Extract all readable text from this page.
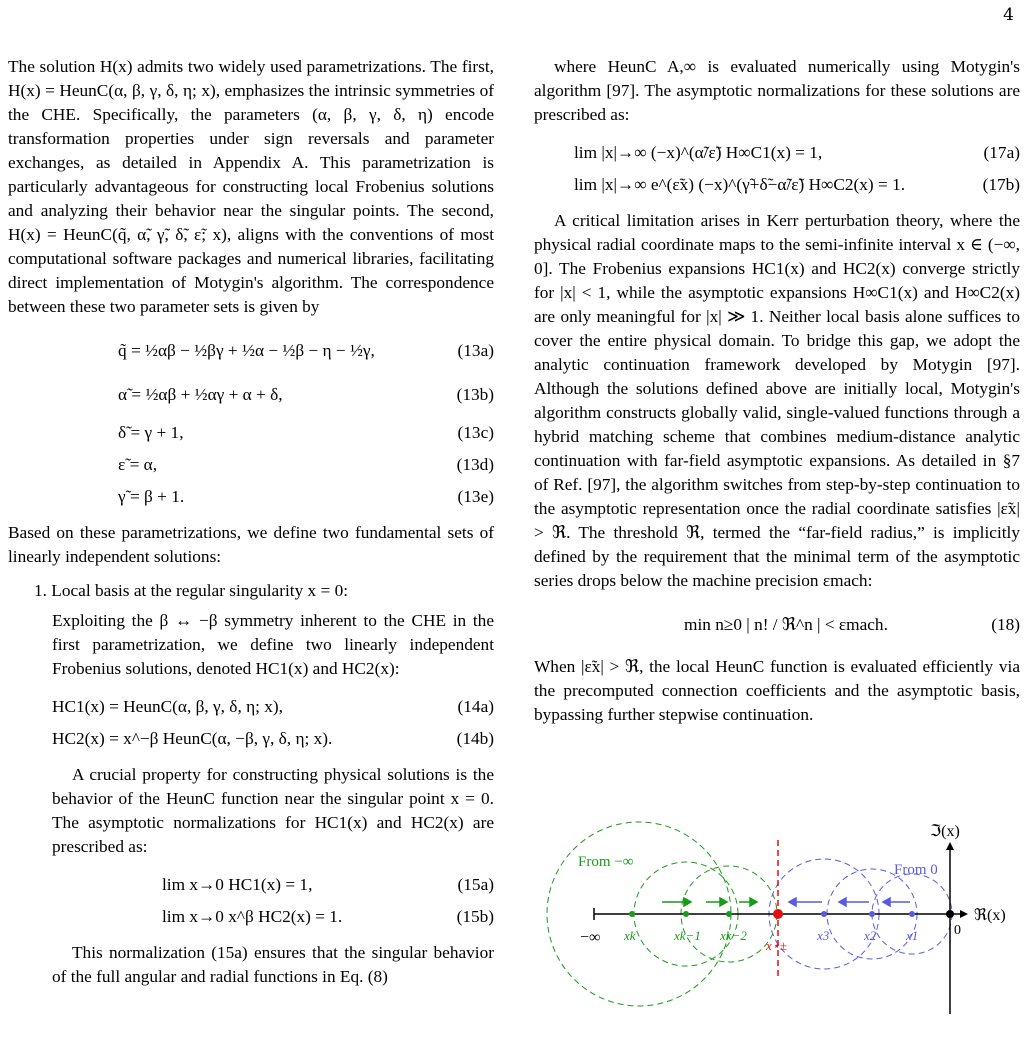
4

The solution H(x) admits two widely used parametrizations. The first, H(x) = HeunC(α, β, γ, δ, η; x), emphasizes the intrinsic symmetries of the CHE. Specifically, the parameters (α, β, γ, δ, η) encode transformation properties under sign reversals and parameter exchanges, as detailed in Appendix A. This parametrization is particularly advantageous for constructing local Frobenius solutions and analyzing their behavior near the singular points. The second, H(x) = HeunC(q̃, α̃, γ̃, δ̃, ε̃; x), aligns with the conventions of most computational software packages and numerical libraries, facilitating direct implementation of Motygin's algorithm. The correspondence between these two parameter sets is given by

q̃ = ½αβ − ½βγ + ½α − ½β − η − ½γ,	(13a)
α̃ = ½αβ + ½αγ + α + δ,	(13b)
δ̃ = γ + 1,	(13c)
ε̃ = α,	(13d)
γ̃ = β + 1.	(13e)

Based on these parametrizations, we define two fundamental sets of linearly independent solutions:

1. Local basis at the regular singularity x = 0:

Exploiting the β ↔ −β symmetry inherent to the CHE in the first parametrization, we define two linearly independent Frobenius solutions, denoted HC1(x) and HC2(x):

HC1(x) = HeunC(α, β, γ, δ, η; x),	(14a)
HC2(x) = x^−β HeunC(α, −β, γ, δ, η; x).	(14b)

A crucial property for constructing physical solutions is the behavior of the HeunC function near the singular point x = 0. The asymptotic normalizations for HC1(x) and HC2(x) are prescribed as:

lim x→0 HC1(x) = 1,	(15a)
lim x→0 x^β HC2(x) = 1.	(15b)

This normalization (15a) ensures that the singular behavior of the full angular and radial functions in Eq. (8)

where HeunC A,∞ is evaluated numerically using Motygin's algorithm [97]. The asymptotic normalizations for these solutions are prescribed as:

lim |x|→∞ (−x)^(α̃/ε̃) H∞C1(x) = 1,	(17a)
lim |x|→∞ e^(ε̃x) (−x)^(γ̃+δ̃−α̃/ε̃) H∞C2(x) = 1.	(17b)

A critical limitation arises in Kerr perturbation theory, where the physical radial coordinate maps to the semi-infinite interval x ∈ (−∞, 0]. The Frobenius expansions HC1(x) and HC2(x) converge strictly for |x| < 1, while the asymptotic expansions H∞C1(x) and H∞C2(x) are only meaningful for |x| ≫ 1. Neither local basis alone suffices to cover the entire physical domain. To bridge this gap, we adopt the analytic continuation framework developed by Motygin [97]. Although the solutions defined above are initially local, Motygin's algorithm constructs globally valid, single-valued functions through a hybrid matching scheme that combines medium-distance analytic continuation with far-field asymptotic expansions. As detailed in §7 of Ref. [97], the algorithm switches from step-by-step continuation to the asymptotic representation once the radial coordinate satisfies |ε̃x| > ℜ. The threshold ℜ, termed the “far-field radius,” is implicitly defined by the requirement that the minimal term of the asymptotic series drops below the machine precision εmach:

min n≥0 | n! / ℜ^n | < εmach.	(18)

When |ε̃x| > ℜ, the local HeunC function is evaluated efficiently via the precomputed connection coefficients and the asymptotic basis, bypassing further stepwise continuation.

ℑ(x)
ℜ(x)
−∞	0
From −∞	From 0
xk	xk−1 xk−2	x3	x2 x1
x⋆±
